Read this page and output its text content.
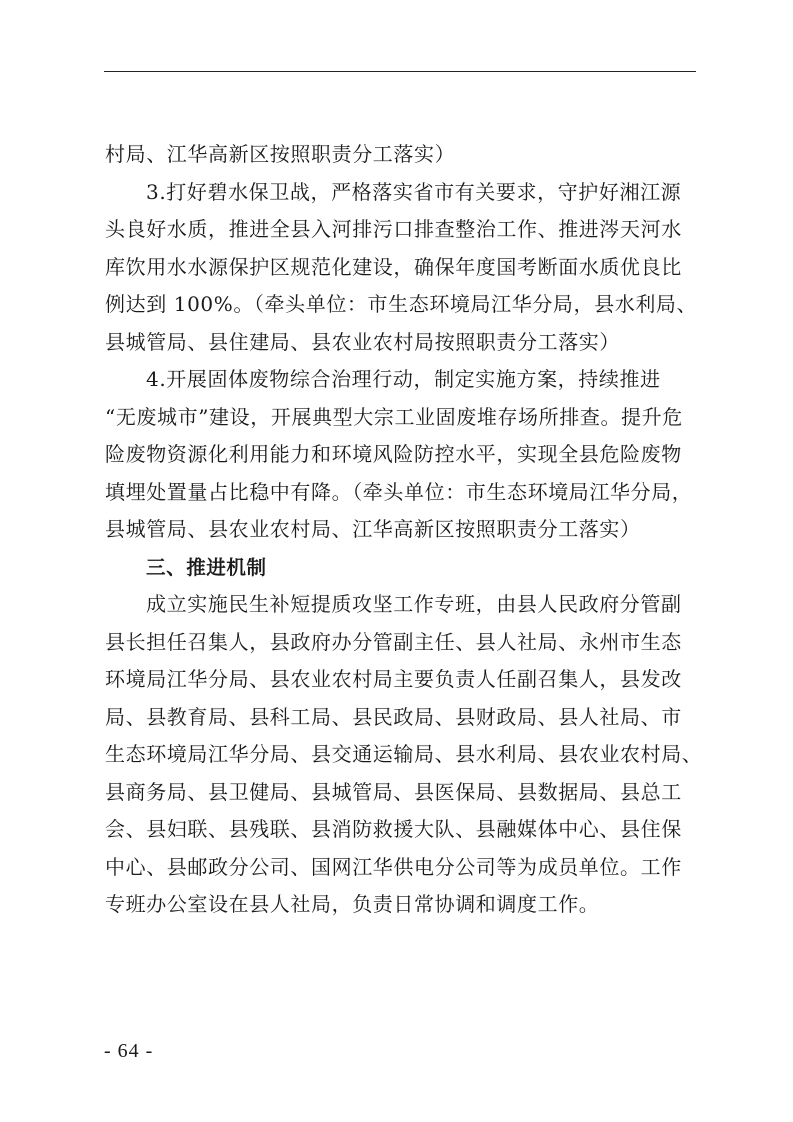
村局、江华高新区按照职责分工落实）
3.打好碧水保卫战，严格落实省市有关要求，守护好湘江源
头良好水质，推进全县入河排污口排查整治工作、推进涔天河水
库饮用水水源保护区规范化建设，确保年度国考断面水质优良比
例达到 100%。（牵头单位：市生态环境局江华分局，县水利局、
县城管局、县住建局、县农业农村局按照职责分工落实）
4.开展固体废物综合治理行动，制定实施方案，持续推进
“无废城市”建设，开展典型大宗工业固废堆存场所排查。提升危
险废物资源化利用能力和环境风险防控水平，实现全县危险废物
填埋处置量占比稳中有降。（牵头单位：市生态环境局江华分局，
县城管局、县农业农村局、江华高新区按照职责分工落实）
三、推进机制
成立实施民生补短提质攻坚工作专班，由县人民政府分管副
县长担任召集人，县政府办分管副主任、县人社局、永州市生态
环境局江华分局、县农业农村局主要负责人任副召集人，县发改
局、县教育局、县科工局、县民政局、县财政局、县人社局、市
生态环境局江华分局、县交通运输局、县水利局、县农业农村局、
县商务局、县卫健局、县城管局、县医保局、县数据局、县总工
会、县妇联、县残联、县消防救援大队、县融媒体中心、县住保
中心、县邮政分公司、国网江华供电分公司等为成员单位。工作
专班办公室设在县人社局，负责日常协调和调度工作。
- 64 -
